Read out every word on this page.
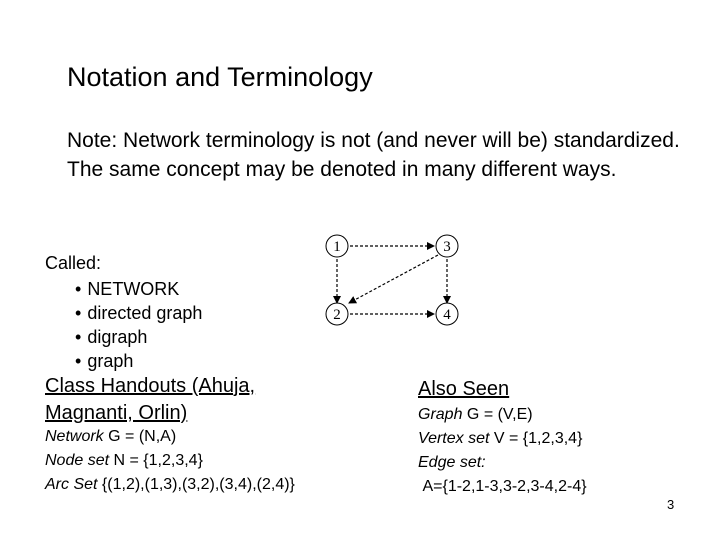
Notation and Terminology
Note: Network terminology is not (and never will be) standardized. The same concept may be denoted in many different ways.
Called:
• NETWORK
• directed graph
• digraph
• graph
1	3
2	4
Class Handouts (Ahuja, Magnanti, Orlin)
Network G = (N,A)
Node set N = {1,2,3,4}
Arc Set {(1,2),(1,3),(3,2),(3,4),(2,4)}
Also Seen
Graph G = (V,E)
Vertex set V = {1,2,3,4}
Edge set:
A={1-2,1-3,3-2,3-4,2-4}
3
